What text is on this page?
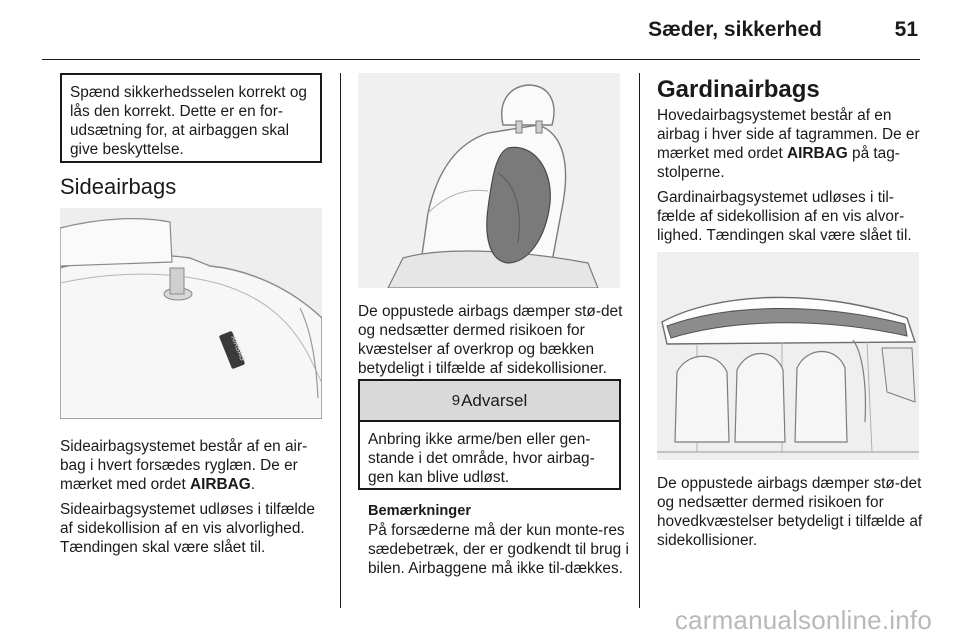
Sæder, sikkerhed	51

Spænd sikkerhedsselen korrekt og lås den korrekt. Dette er en for-udsætning for, at airbaggen skal give beskyttelse.

Sideairbags
AIRBAG

Sideairbagsystemet består af en air-bag i hvert forsædes ryglæn. De er mærket med ordet AIRBAG.

Sideairbagsystemet udløses i tilfælde af sidekollision af en vis alvorlighed. Tændingen skal være slået til.

De oppustede airbags dæmper stø-det og nedsætter dermed risikoen for kvæstelser af overkrop og bækken betydeligt i tilfælde af sidekollisioner.

9 Advarsel

Anbring ikke arme/ben eller gen-stande i det område, hvor airbag-gen kan blive udløst.

Bemærkninger

På forsæderne må der kun monte-res sædebetræk, der er godkendt til brug i bilen. Airbaggene må ikke til-dækkes.

Gardinairbags

Hovedairbagsystemet består af en airbag i hver side af tagrammen. De er mærket med ordet AIRBAG på tag-stolperne.

Gardinairbagsystemet udløses i til-fælde af sidekollision af en vis alvor-lighed. Tændingen skal være slået til.

De oppustede airbags dæmper stø-det og nedsætter dermed risikoen for hovedkvæstelser betydeligt i tilfælde af sidekollisioner.

carmanualsonline.info
